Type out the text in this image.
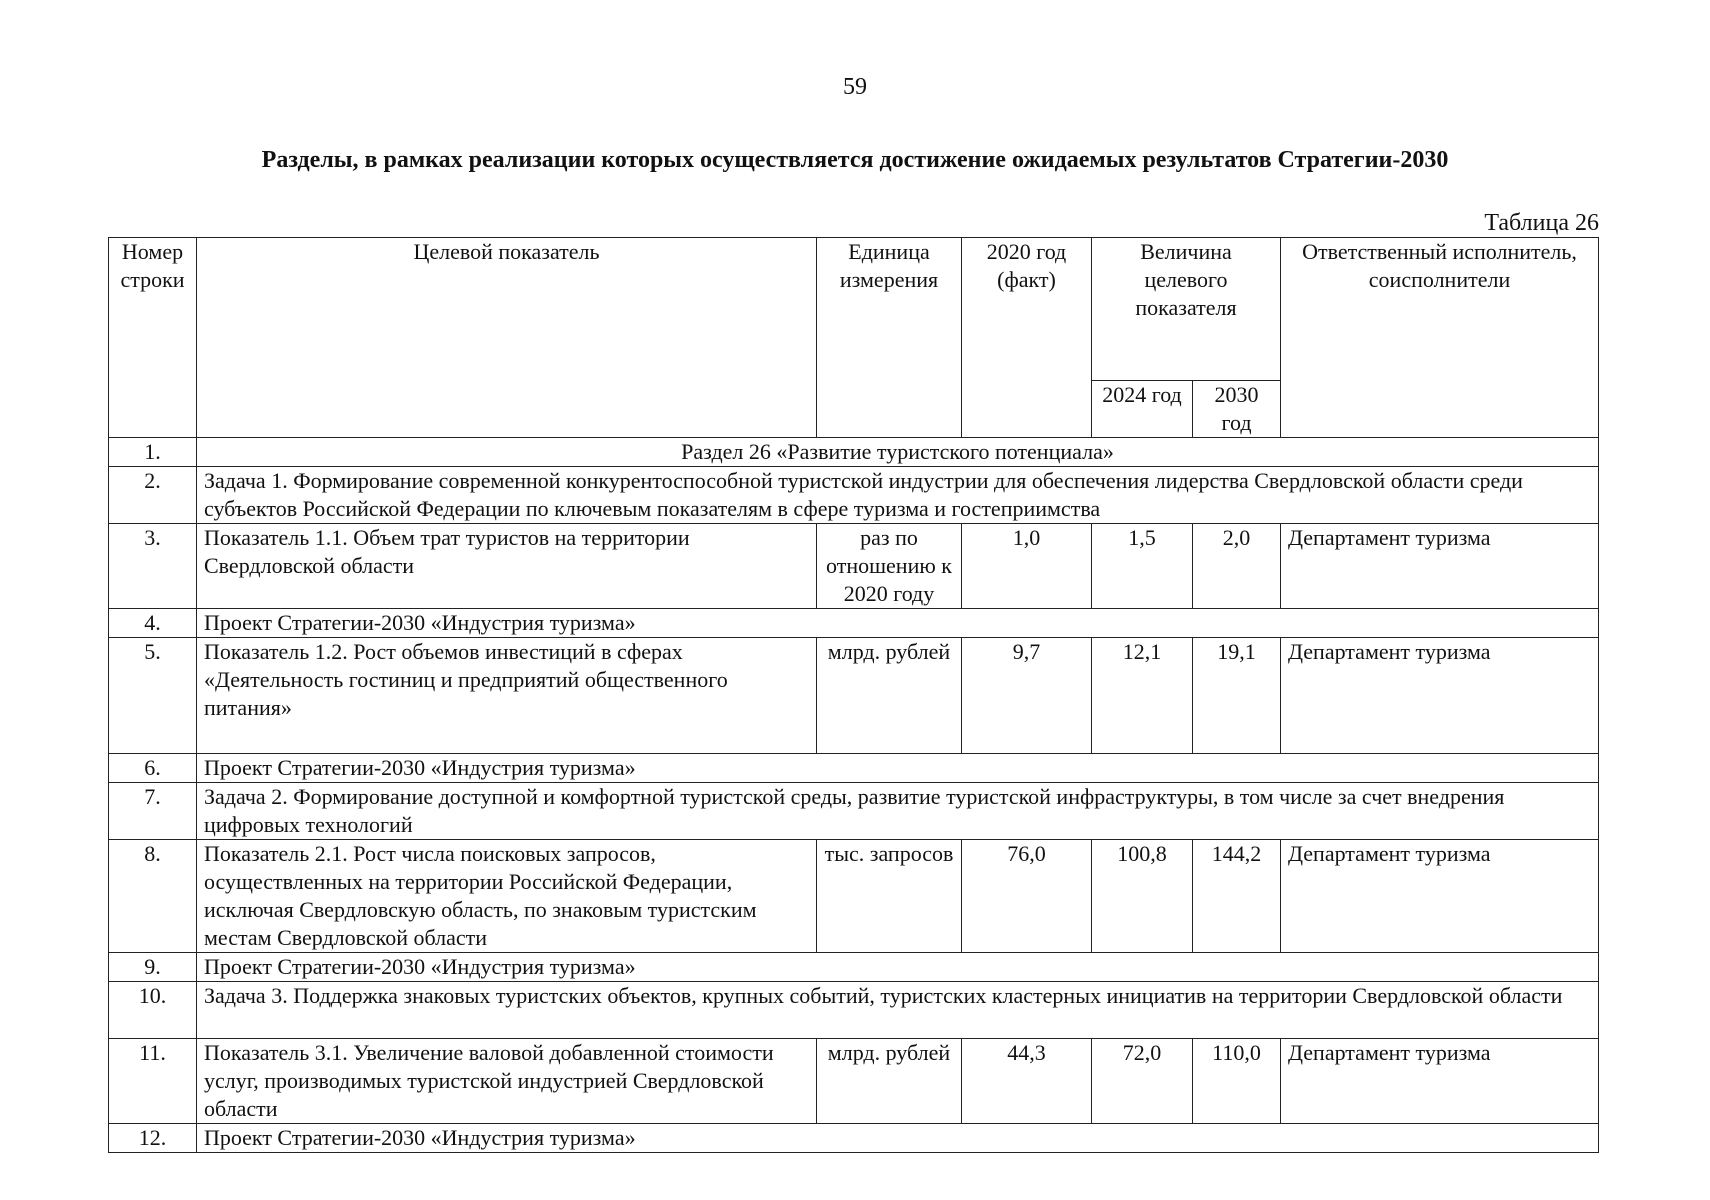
59
Разделы, в рамках реализации которых осуществляется достижение ожидаемых результатов Стратегии-2030
Таблица 26
Номер строки	Целевой показатель	Единица измерения	2020 год (факт)	Величина целевого показателя		Ответственный исполнитель, соисполнители
				2024 год	2030 год	
1.	Раздел 26 «Развитие туристского потенциала»					
2.	Задача 1. Формирование современной конкурентоспособной туристской индустрии для обеспечения лидерства Свердловской области среди субъектов Российской Федерации по ключевым показателям в сфере туризма и гостеприимства					
3.	Показатель 1.1. Объем трат туристов на территории Свердловской области	раз по отношению к 2020 году	1,0	1,5	2,0	Департамент туризма
4.	Проект Стратегии-2030 «Индустрия туризма»					
5.	Показатель 1.2. Рост объемов инвестиций в сферах «Деятельность гостиниц и предприятий общественного питания»	млрд. рублей	9,7	12,1	19,1	Департамент туризма
6.	Проект Стратегии-2030 «Индустрия туризма»					
7.	Задача 2. Формирование доступной и комфортной туристской среды, развитие туристской инфраструктуры, в том числе за счет внедрения цифровых технологий					
8.	Показатель 2.1. Рост числа поисковых запросов, осуществленных на территории Российской Федерации, исключая Свердловскую область, по знаковым туристским местам Свердловской области	тыс. запросов	76,0	100,8	144,2	Департамент туризма
9.	Проект Стратегии-2030 «Индустрия туризма»					
10.	Задача 3. Поддержка знаковых туристских объектов, крупных событий, туристских кластерных инициатив на территории Свердловской области					
11.	Показатель 3.1. Увеличение валовой добавленной стоимости услуг, производимых туристской индустрией Свердловской области	млрд. рублей	44,3	72,0	110,0	Департамент туризма
12.	Проект Стратегии-2030 «Индустрия туризма»					
